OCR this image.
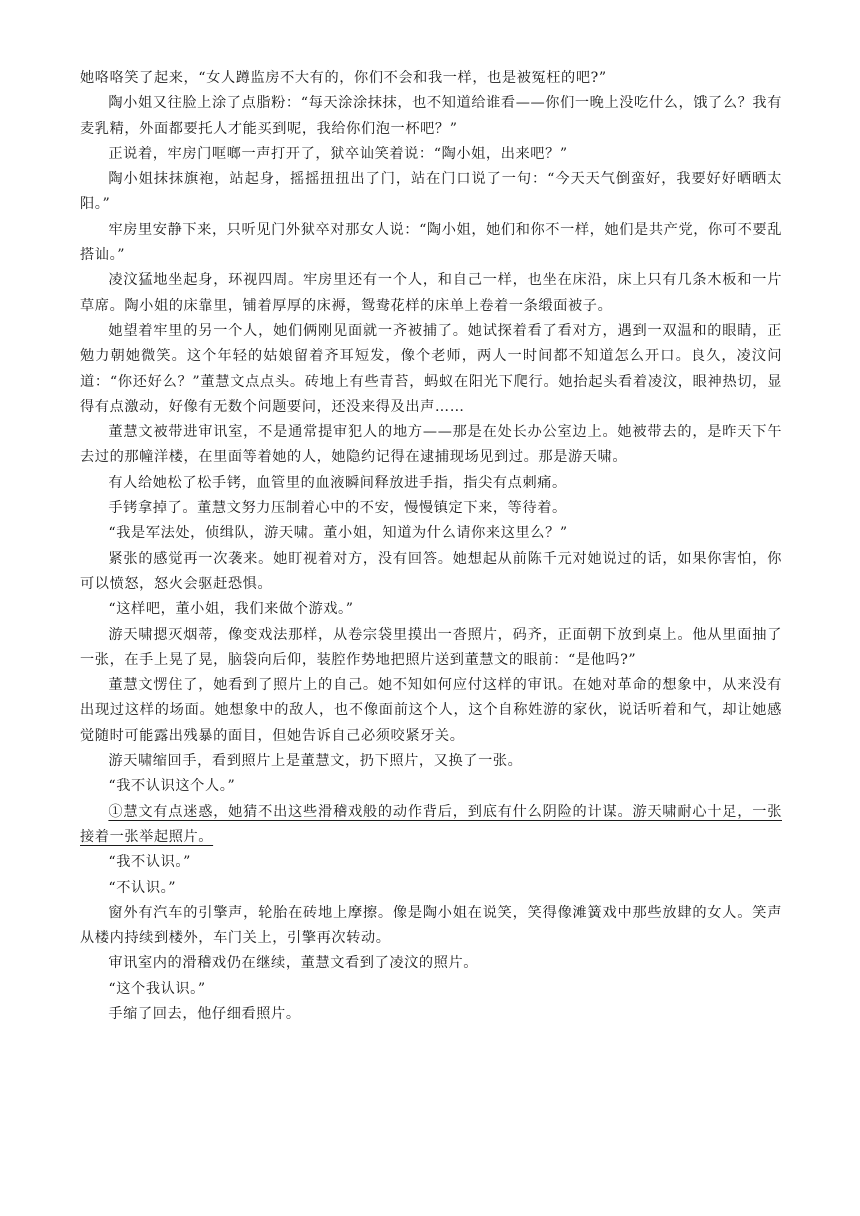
她咯咯笑了起来，“女人蹲监房不大有的，你们不会和我一样，也是被冤枉的吧?”

陶小姐又往脸上涂了点脂粉：“每天涂涂抹抹，也不知道给谁看——你们一晚上没吃什么，饿了么？我有麦乳精，外面都要托人才能买到呢，我给你们泡一杯吧？”

正说着，牢房门哐啷一声打开了，狱卒讪笑着说：“陶小姐，出来吧？”

陶小姐抹抹旗袍，站起身，摇摇扭扭出了门，站在门口说了一句：“今天天气倒蛮好，我要好好晒晒太阳。”

牢房里安静下来，只听见门外狱卒对那女人说：“陶小姐，她们和你不一样，她们是共产党，你可不要乱搭讪。”

凌汶猛地坐起身，环视四周。牢房里还有一个人，和自己一样，也坐在床沿，床上只有几条木板和一片草席。陶小姐的床靠里，铺着厚厚的床褥，鸳鸯花样的床单上卷着一条缎面被子。

她望着牢里的另一个人，她们俩刚见面就一齐被捕了。她试探着看了看对方，遇到一双温和的眼睛，正勉力朝她微笑。这个年轻的姑娘留着齐耳短发，像个老师，两人一时间都不知道怎么开口。良久，凌汶问道：“你还好么？”董慧文点点头。砖地上有些青苔，蚂蚁在阳光下爬行。她抬起头看着凌汶，眼神热切，显得有点激动，好像有无数个问题要问，还没来得及出声……

董慧文被带进审讯室，不是通常提审犯人的地方——那是在处长办公室边上。她被带去的，是昨天下午去过的那幢洋楼，在里面等着她的人，她隐约记得在逮捕现场见到过。那是游天啸。

有人给她松了松手铐，血管里的血液瞬间释放进手指，指尖有点刺痛。

手铐拿掉了。董慧文努力压制着心中的不安，慢慢镇定下来，等待着。

“我是军法处，侦缉队，游天啸。董小姐，知道为什么请你来这里么？”

紧张的感觉再一次袭来。她盯视着对方，没有回答。她想起从前陈千元对她说过的话，如果你害怕，你可以愤怒，怒火会驱赶恐惧。

“这样吧，董小姐，我们来做个游戏。”

游天啸摁灭烟蒂，像变戏法那样，从卷宗袋里摸出一沓照片，码齐，正面朝下放到桌上。他从里面抽了一张，在手上晃了晃，脑袋向后仰，装腔作势地把照片送到董慧文的眼前：“是他吗?”

董慧文愣住了，她看到了照片上的自己。她不知如何应付这样的审讯。在她对革命的想象中，从来没有出现过这样的场面。她想象中的敌人，也不像面前这个人，这个自称姓游的家伙，说话听着和气，却让她感觉随时可能露出残暴的面目，但她告诉自己必须咬紧牙关。

游天啸缩回手，看到照片上是董慧文，扔下照片，又换了一张。

“我不认识这个人。”

①慧文有点迷惑，她猜不出这些滑稽戏般的动作背后，到底有什么阴险的计谋。游天啸耐心十足，一张接着一张举起照片。

“我不认识。”

“不认识。”

窗外有汽车的引擎声，轮胎在砖地上摩擦。像是陶小姐在说笑，笑得像滩簧戏中那些放肆的女人。笑声从楼内持续到楼外，车门关上，引擎再次转动。

审讯室内的滑稽戏仍在继续，董慧文看到了凌汶的照片。

“这个我认识。”

手缩了回去，他仔细看照片。
